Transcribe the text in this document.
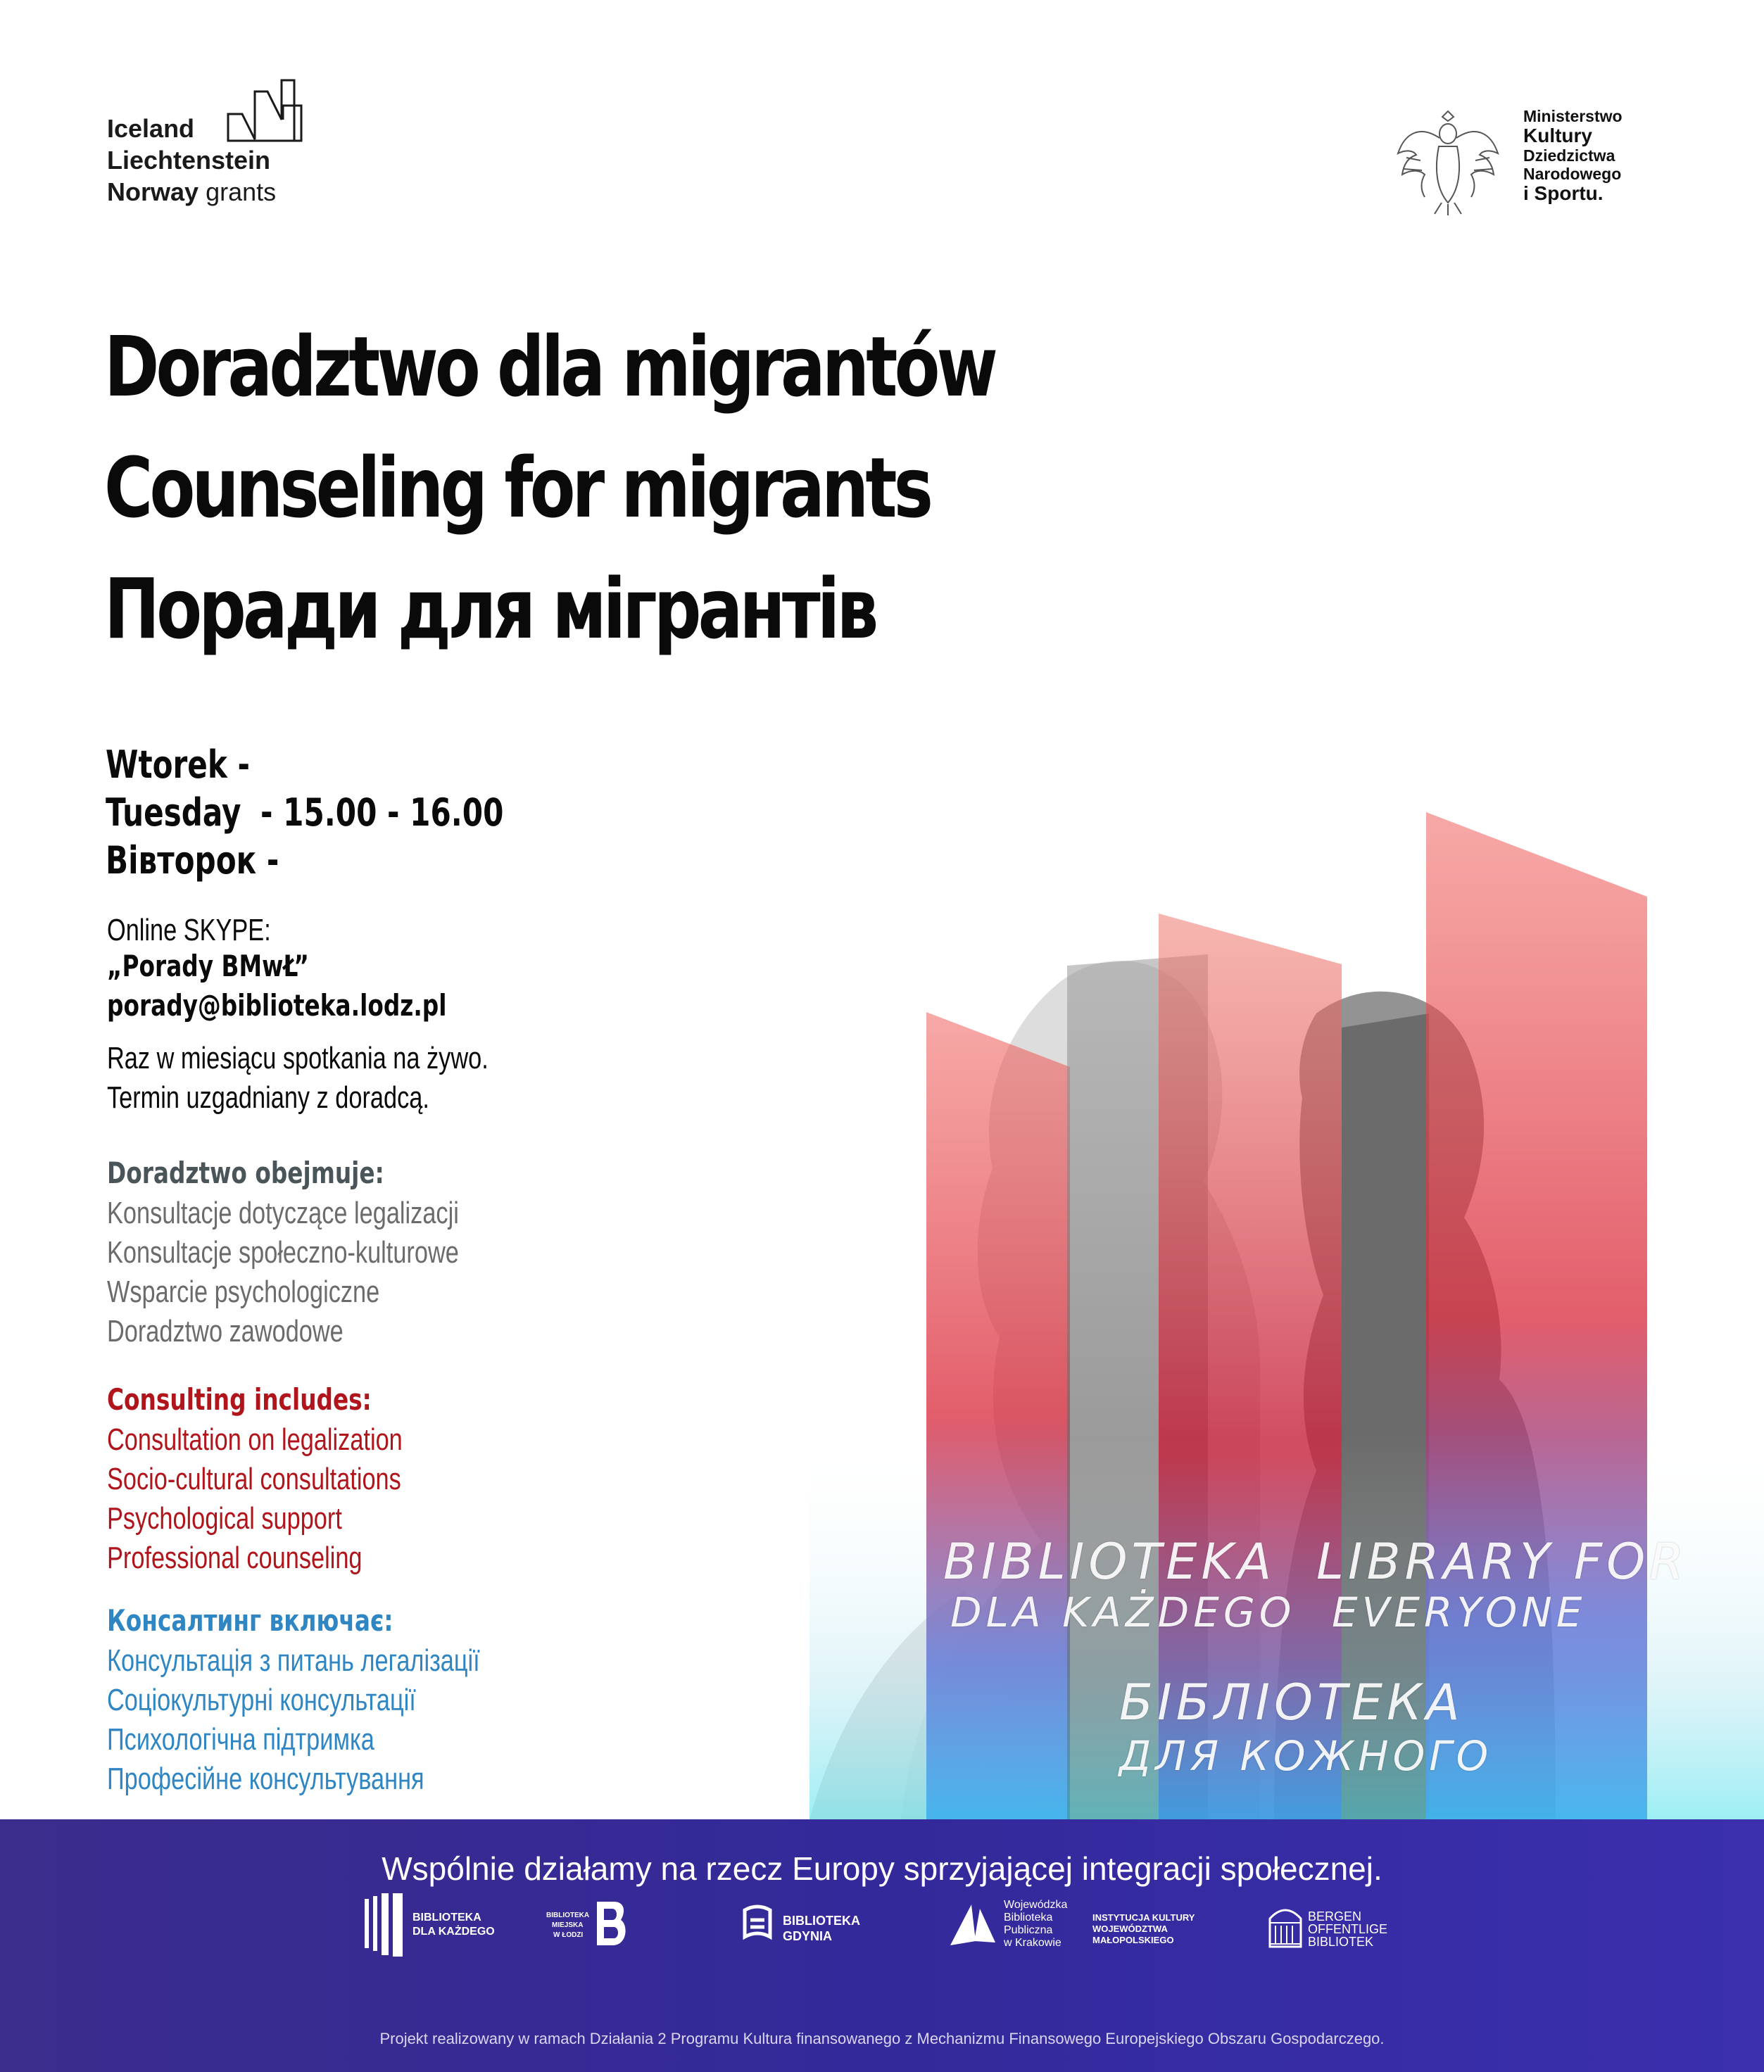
Iceland
Liechtenstein
Norway grants
Ministerstwo
Kultury
Dziedzictwa
Narodowego
i Sportu.
Doradztwo dla migrantów
Counseling for migrants
Поради для мігрантів
Wtorek -
Tuesday - 15.00 - 16.00
Вівторок -
Online SKYPE:
„Porady BMwŁ”
porady@biblioteka.lodz.pl
Raz w miesiącu spotkania na żywo.
Termin uzgadniany z doradcą.
Doradztwo obejmuje:
Konsultacje dotyczące legalizacji
Konsultacje społeczno-kulturowe
Wsparcie psychologiczne
Doradztwo zawodowe
Consulting includes:
Consultation on legalization
Socio-cultural consultations
Psychological support
Professional counseling
Консалтинг включає:
Консультація з питань легалізації
Соціокультурні консультації
Психологічна підтримка
Професійне консультування
BIBLIOTEKA
DLA KAŻDEGO
LIBRARY FOR
EVERYONE
БІБЛІОТЕКА
ДЛЯ КОЖНОГО
Wspólnie działamy na rzecz Europy sprzyjającej integracji społecznej.
BIBLIOTEKA
DLA KAŻDEGO
BIBLIOTEKA
MIEJSKA
W ŁODZI
BIBLIOTEKA
GDYNIA
Wojewódzka
Biblioteka
Publiczna
w Krakowie
INSTYTUCJA KULTURY
WOJEWÓDZTWA
MAŁOPOLSKIEGO
BERGEN
OFFENTLIGE
BIBLIOTEK
Projekt realizowany w ramach Działania 2 Programu Kultura finansowanego z Mechanizmu Finansowego Europejskiego Obszaru Gospodarczego.
